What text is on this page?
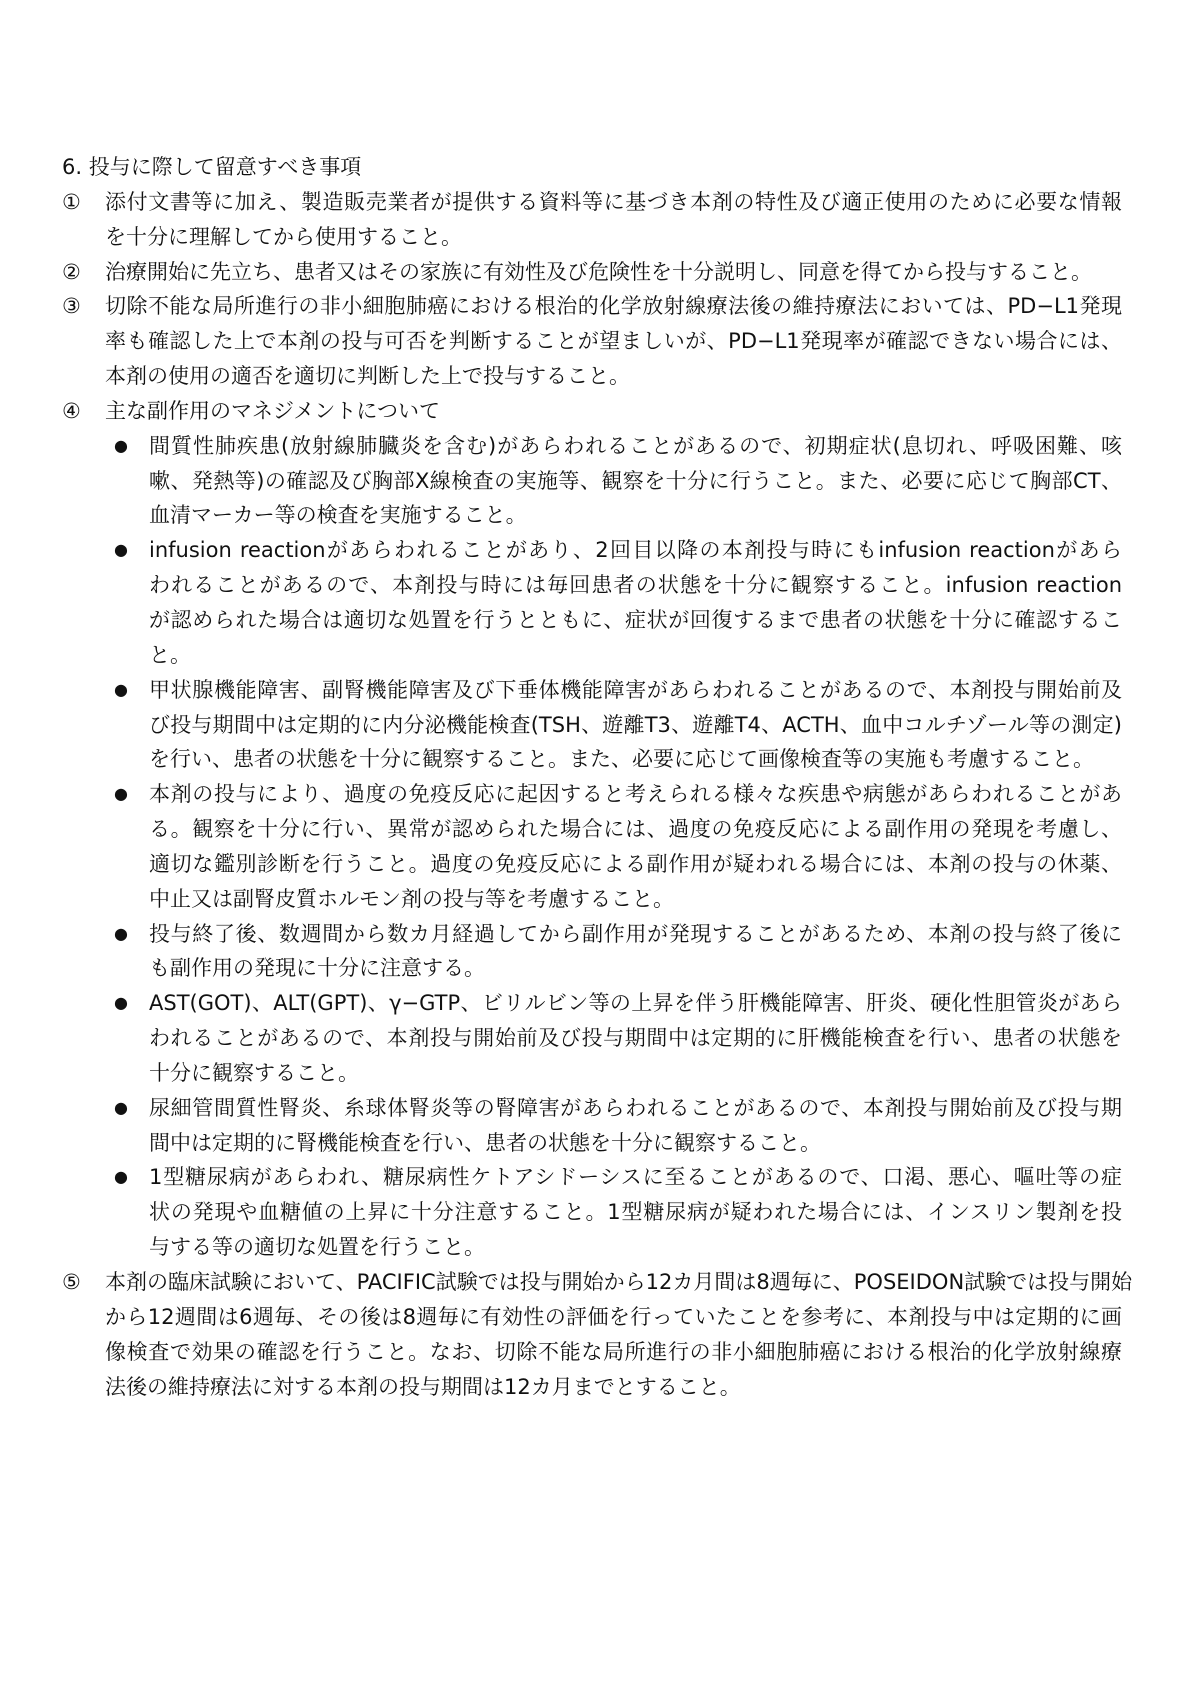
6. 投与に際して留意すべき事項
① 添付文書等に加え、製造販売業者が提供する資料等に基づき本剤の特性及び適正使用のために必要な情報
を十分に理解してから使用すること。
② 治療開始に先立ち、患者又はその家族に有効性及び危険性を十分説明し、同意を得てから投与すること。
③ 切除不能な局所進行の非小細胞肺癌における根治的化学放射線療法後の維持療法においては、PD−L1発現
率も確認した上で本剤の投与可否を判断することが望ましいが、PD−L1発現率が確認できない場合には、
本剤の使用の適否を適切に判断した上で投与すること。
④ 主な副作用のマネジメントについて
● 間質性肺疾患(放射線肺臓炎を含む)があらわれることがあるので、初期症状(息切れ、呼吸困難、咳
嗽、発熱等)の確認及び胸部X線検査の実施等、観察を十分に行うこと。また、必要に応じて胸部CT、
血清マーカー等の検査を実施すること。
● infusion reactionがあらわれることがあり、2回目以降の本剤投与時にもinfusion reactionがあら
われることがあるので、本剤投与時には毎回患者の状態を十分に観察すること。infusion reaction
が認められた場合は適切な処置を行うとともに、症状が回復するまで患者の状態を十分に確認するこ
と。
● 甲状腺機能障害、副腎機能障害及び下垂体機能障害があらわれることがあるので、本剤投与開始前及
び投与期間中は定期的に内分泌機能検査(TSH、遊離T3、遊離T4、ACTH、血中コルチゾール等の測定)
を行い、患者の状態を十分に観察すること。また、必要に応じて画像検査等の実施も考慮すること。
● 本剤の投与により、過度の免疫反応に起因すると考えられる様々な疾患や病態があらわれることがあ
る。観察を十分に行い、異常が認められた場合には、過度の免疫反応による副作用の発現を考慮し、
適切な鑑別診断を行うこと。過度の免疫反応による副作用が疑われる場合には、本剤の投与の休薬、
中止又は副腎皮質ホルモン剤の投与等を考慮すること。
● 投与終了後、数週間から数カ月経過してから副作用が発現することがあるため、本剤の投与終了後に
も副作用の発現に十分に注意する。
● AST(GOT)、ALT(GPT)、γ−GTP、ビリルビン等の上昇を伴う肝機能障害、肝炎、硬化性胆管炎があら
われることがあるので、本剤投与開始前及び投与期間中は定期的に肝機能検査を行い、患者の状態を
十分に観察すること。
● 尿細管間質性腎炎、糸球体腎炎等の腎障害があらわれることがあるので、本剤投与開始前及び投与期
間中は定期的に腎機能検査を行い、患者の状態を十分に観察すること。
● 1型糖尿病があらわれ、糖尿病性ケトアシドーシスに至ることがあるので、口渇、悪心、嘔吐等の症
状の発現や血糖値の上昇に十分注意すること。1型糖尿病が疑われた場合には、インスリン製剤を投
与する等の適切な処置を行うこと。
⑤ 本剤の臨床試験において、PACIFIC試験では投与開始から12カ月間は8週毎に、POSEIDON試験では投与開始
から12週間は6週毎、その後は8週毎に有効性の評価を行っていたことを参考に、本剤投与中は定期的に画
像検査で効果の確認を行うこと。なお、切除不能な局所進行の非小細胞肺癌における根治的化学放射線療
法後の維持療法に対する本剤の投与期間は12カ月までとすること。
